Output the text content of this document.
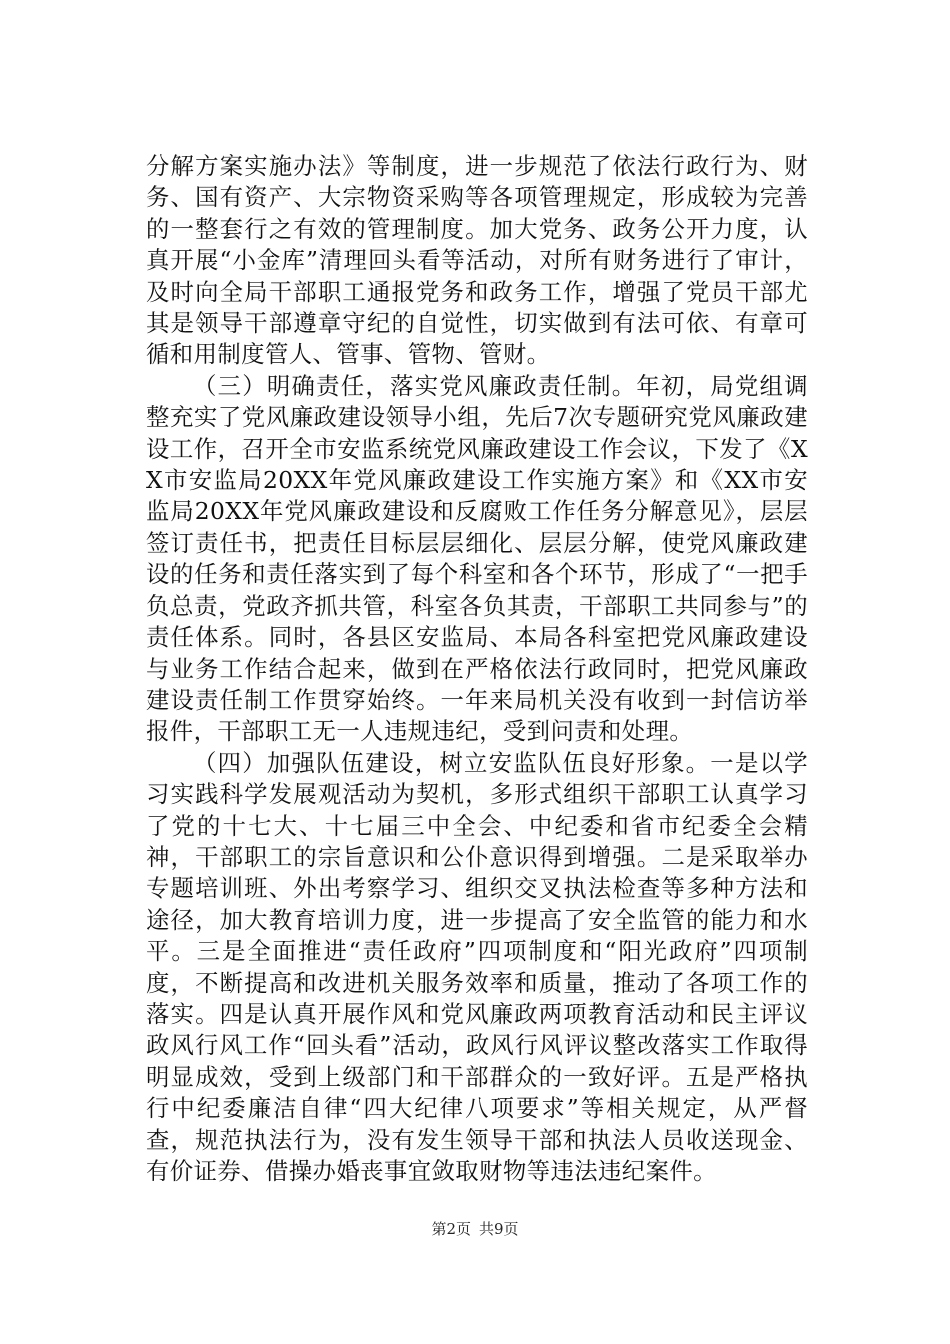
分解方案实施办法》等制度，进一步规范了依法行政行为、财务、国有资产、大宗物资采购等各项管理规定，形成较为完善的一整套行之有效的管理制度。加大党务、政务公开力度，认真开展“小金库”清理回头看等活动，对所有财务进行了审计，及时向全局干部职工通报党务和政务工作，增强了党员干部尤其是领导干部遵章守纪的自觉性，切实做到有法可依、有章可循和用制度管人、管事、管物、管财。

（三）明确责任，落实党风廉政责任制。年初，局党组调整充实了党风廉政建设领导小组，先后7次专题研究党风廉政建设工作，召开全市安监系统党风廉政建设工作会议，下发了《XX市安监局20XX年党风廉政建设工作实施方案》和《XX市安监局20XX年党风廉政建设和反腐败工作任务分解意见》，层层签订责任书，把责任目标层层细化、层层分解，使党风廉政建设的任务和责任落实到了每个科室和各个环节，形成了“一把手负总责，党政齐抓共管，科室各负其责，干部职工共同参与”的责任体系。同时，各县区安监局、本局各科室把党风廉政建设与业务工作结合起来，做到在严格依法行政同时，把党风廉政建设责任制工作贯穿始终。一年来局机关没有收到一封信访举报件，干部职工无一人违规违纪，受到问责和处理。

（四）加强队伍建设，树立安监队伍良好形象。一是以学习实践科学发展观活动为契机，多形式组织干部职工认真学习了党的十七大、十七届三中全会、中纪委和省市纪委全会精神，干部职工的宗旨意识和公仆意识得到增强。二是采取举办专题培训班、外出考察学习、组织交叉执法检查等多种方法和途径，加大教育培训力度，进一步提高了安全监管的能力和水平。三是全面推进“责任政府”四项制度和“阳光政府”四项制度，不断提高和改进机关服务效率和质量，推动了各项工作的落实。四是认真开展作风和党风廉政两项教育活动和民主评议政风行风工作“回头看”活动，政风行风评议整改落实工作取得明显成效，受到上级部门和干部群众的一致好评。五是严格执行中纪委廉洁自律“四大纪律八项要求”等相关规定，从严督查，规范执法行为，没有发生领导干部和执法人员收送现金、有价证券、借操办婚丧事宜敛取财物等违法违纪案件。

第2页 共9页
